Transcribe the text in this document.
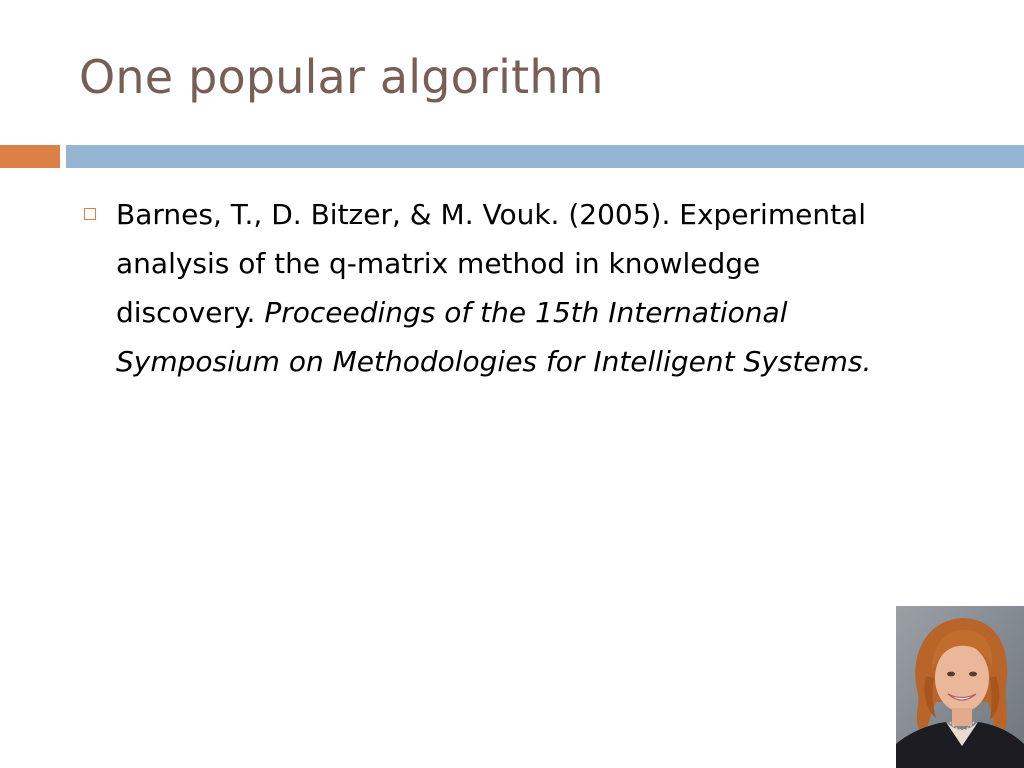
One popular algorithm
Barnes, T., D. Bitzer, & M. Vouk. (2005). Experimental analysis of the q-matrix method in knowledge discovery. Proceedings of the 15th International Symposium on Methodologies for Intelligent Systems.
